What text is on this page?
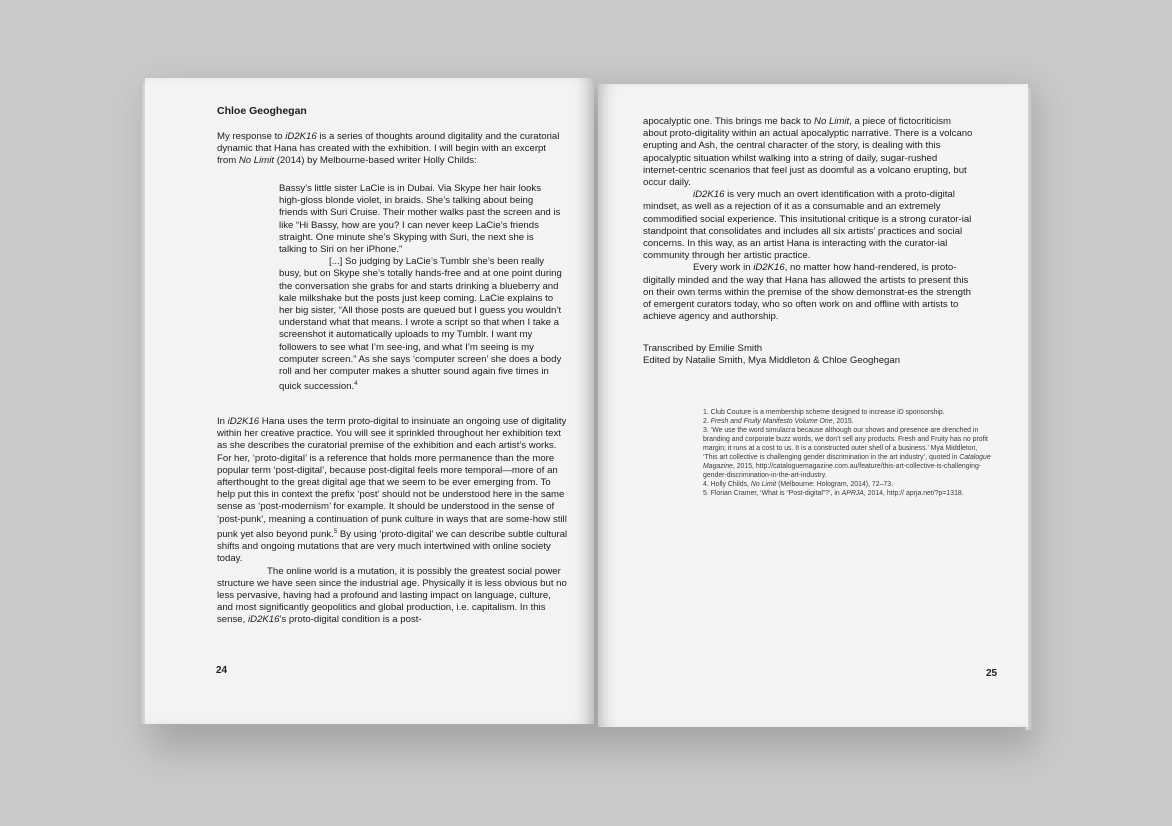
Chloe Geoghegan

My response to iD2K16 is a series of thoughts around digitality and the curatorial dynamic that Hana has created with the exhibition. I will begin with an excerpt from No Limit (2014) by Melbourne-based writer Holly Childs:

Bassy’s little sister LaCie is in Dubai. Via Skype her hair looks high-gloss blonde violet, in braids. She’s talking about being friends with Suri Cruise. Their mother walks past the screen and is like “Hi Bassy, how are you? I can never keep LaCie’s friends straight. One minute she’s Skyping with Suri, the next she is talking to Siri on her iPhone.”

[...] So judging by LaCie’s Tumblr she’s been really busy, but on Skype she’s totally hands-free and at one point during the conversation she grabs for and starts drinking a blueberry and kale milkshake but the posts just keep coming. LaCie explains to her big sister, “All those posts are queued but I guess you wouldn’t understand what that means. I wrote a script so that when I take a screenshot it automatically uploads to my Tumblr. I want my followers to see what I’m see-ing, and what I’m seeing is my computer screen.” As she says ‘computer screen’ she does a body roll and her computer makes a shutter sound again five times in quick succession.$^4$

In iD2K16 Hana uses the term proto-digital to insinuate an ongoing use of digitality within her creative practice. You will see it sprinkled throughout her exhibition text as she describes the curatorial premise of the exhibition and each artist’s works. For her, ‘proto-digital’ is a reference that holds more permanence than the more popular term ‘post-digital’, because post-digital feels more temporal—more of an afterthought to the great digital age that we seem to be ever emerging from. To help put this in context the prefix ‘post’ should not be understood here in the same sense as ‘post-modernism’ for example. It should be understood in the sense of ‘post-punk’, meaning a continuation of punk culture in ways that are some-how still punk yet also beyond punk.$^5$ By using ‘proto-digital’ we can describe subtle cultural shifts and ongoing mutations that are very much intertwined with online society today.

The online world is a mutation, it is possibly the greatest social power structure we have seen since the industrial age. Physically it is less obvious but no less pervasive, having had a profound and lasting impact on language, culture, and most significantly geopolitics and global production, i.e. capitalism. In this sense, iD2K16’s proto-digital condition is a post-

24

apocalyptic one. This brings me back to No Limit, a piece of fictocriticism about proto-digitality within an actual apocalyptic narrative. There is a volcano erupting and Ash, the central character of the story, is dealing with this apocalyptic situation whilst walking into a string of daily, sugar-rushed internet-centric scenarios that feel just as doomful as a volcano erupting, but occur daily.

iD2K16 is very much an overt identification with a proto-digital mindset, as well as a rejection of it as a consumable and an extremely commodified social experience. This insitutional critique is a strong curator-ial standpoint that consolidates and includes all six artists’ practices and social concerns. In this way, as an artist Hana is interacting with the curator-ial community through her artistic practice.

Every work in iD2K16, no matter how hand-rendered, is proto-digitally minded and the way that Hana has allowed the artists to present this on their own terms within the premise of the show demonstrat-es the strength of emergent curators today, who so often work on and offline with artists to achieve agency and authorship.

Transcribed by Emilie Smith

Edited by Natalie Smith, Mya Middleton & Chloe Geoghegan

1. Club Couture is a membership scheme designed to increase iD sponsorship.

2. Fresh and Fruity Manifesto Volume One, 2015.

3. ‘We use the word simulacra because although our shows and presence are drenched in branding and corporate buzz words, we don’t sell any products. Fresh and Fruity has no profit margin; it runs at a cost to us. It is a constructed outer shell of a business.’ Mya Middleton, ‘This art collective is challenging gender discrimination in the art industry’, quoted in Catalogue Magazine, 2015, http://cataloguemagazine.com.au/feature/this-art-collective-is-challenging-gender-discrimination-in-the-art-industry.

4. Holly Childs, No Limit (Melbourne: Hologram, 2014), 72–73.

5. Florian Cramer, ‘What is “Post-digital”?’, in APRJA, 2014, http:// aprja.net/?p=1318.

25
